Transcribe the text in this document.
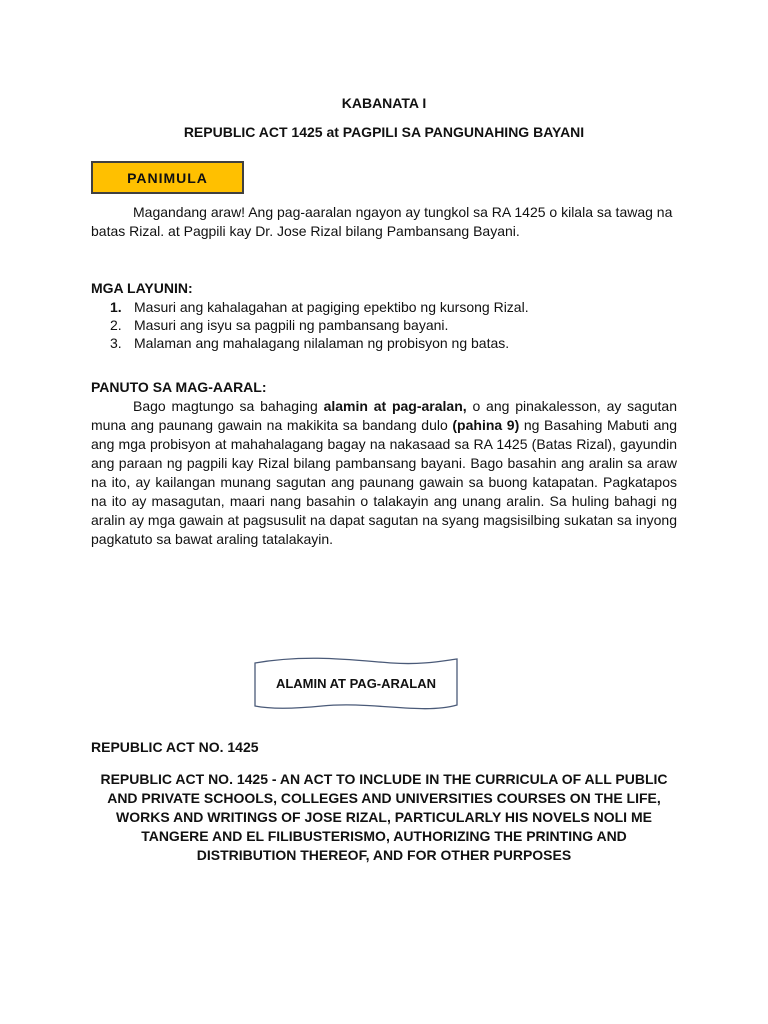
KABANATA I
REPUBLIC ACT 1425 at PAGPILI SA PANGUNAHING BAYANI
PANIMULA
Magandang araw! Ang pag-aaralan ngayon ay tungkol sa RA 1425 o kilala sa tawag na batas Rizal. at Pagpili kay Dr. Jose Rizal bilang Pambansang Bayani.
MGA LAYUNIN:
1. Masuri ang kahalagahan at pagiging epektibo ng kursong Rizal.
2. Masuri ang isyu sa pagpili ng pambansang bayani.
3. Malaman ang mahalagang nilalaman ng probisyon ng batas.
PANUTO SA MAG-AARAL:
Bago magtungo sa bahaging alamin at pag-aralan, o ang pinakalesson, ay sagutan muna ang paunang gawain na makikita sa bandang dulo (pahina 9) ng Basahing Mabuti ang ang mga probisyon at mahahalagang bagay na nakasaad sa RA 1425 (Batas Rizal), gayundin ang paraan ng pagpili kay Rizal bilang pambansang bayani. Bago basahin ang aralin sa araw na ito, ay kailangan munang sagutan ang paunang gawain sa buong katapatan. Pagkatapos na ito ay masagutan, maari nang basahin o talakayin ang unang aralin. Sa huling bahagi ng aralin ay mga gawain at pagsusulit na dapat sagutan na syang magsisilbing sukatan sa inyong pagkatuto sa bawat araling tatalakayin.
ALAMIN AT PAG-ARALAN
REPUBLIC ACT NO. 1425
REPUBLIC ACT NO. 1425 - AN ACT TO INCLUDE IN THE CURRICULA OF ALL PUBLIC AND PRIVATE SCHOOLS, COLLEGES AND UNIVERSITIES COURSES ON THE LIFE, WORKS AND WRITINGS OF JOSE RIZAL, PARTICULARLY HIS NOVELS NOLI ME TANGERE AND EL FILIBUSTERISMO, AUTHORIZING THE PRINTING AND DISTRIBUTION THEREOF, AND FOR OTHER PURPOSES
